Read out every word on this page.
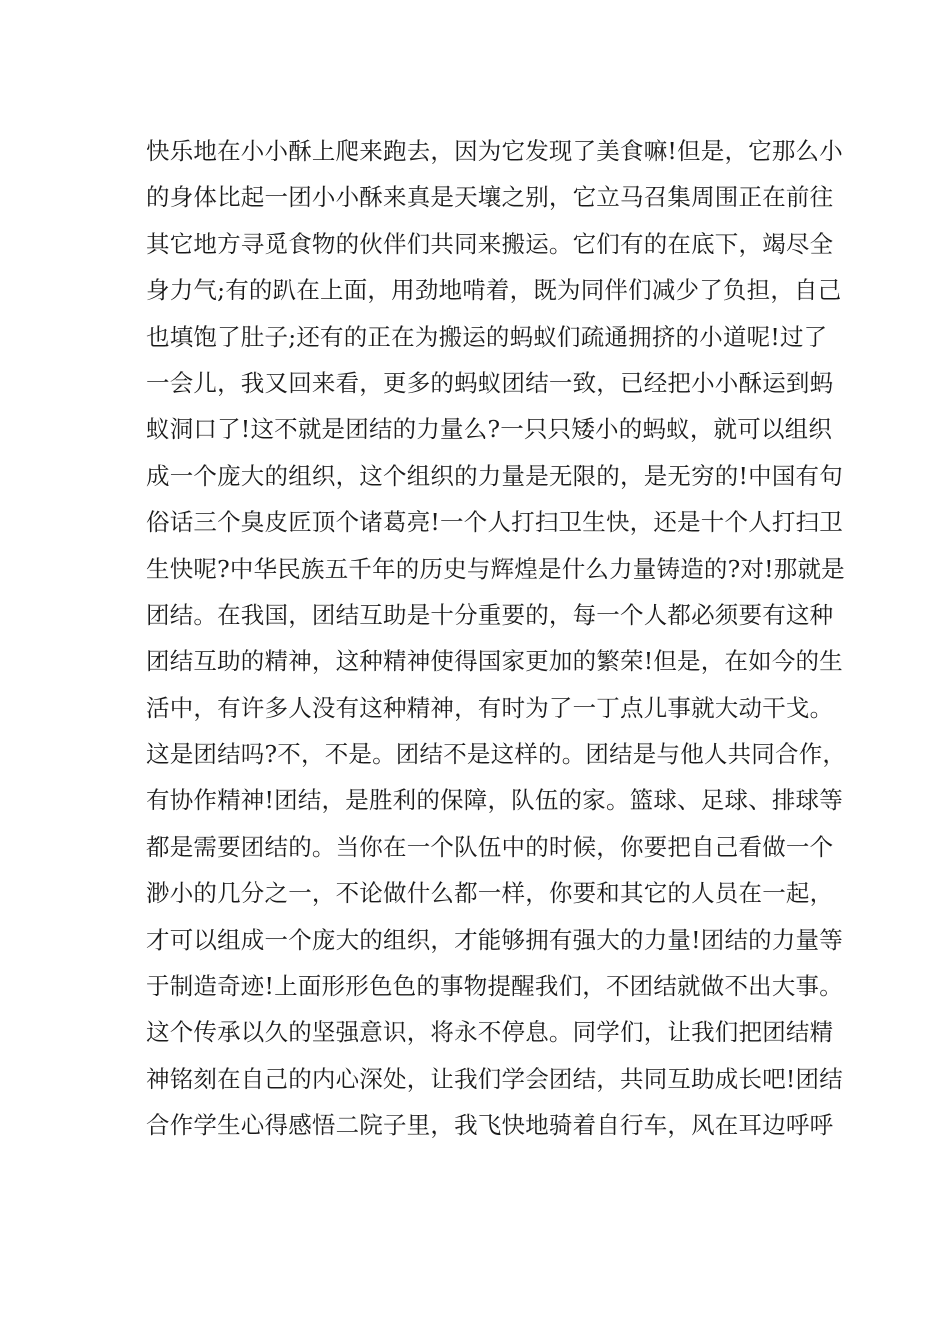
快乐地在小小酥上爬来跑去，因为它发现了美食嘛!但是，它那么小
的身体比起一团小小酥来真是天壤之别，它立马召集周围正在前往
其它地方寻觅食物的伙伴们共同来搬运。它们有的在底下，竭尽全
身力气;有的趴在上面，用劲地啃着，既为同伴们减少了负担，自己
也填饱了肚子;还有的正在为搬运的蚂蚁们疏通拥挤的小道呢!过了
一会儿，我又回来看，更多的蚂蚁团结一致，已经把小小酥运到蚂
蚁洞口了!这不就是团结的力量么?一只只矮小的蚂蚁，就可以组织
成一个庞大的组织，这个组织的力量是无限的，是无穷的!中国有句
俗话三个臭皮匠顶个诸葛亮!一个人打扫卫生快，还是十个人打扫卫
生快呢?中华民族五千年的历史与辉煌是什么力量铸造的?对!那就是
团结。在我国，团结互助是十分重要的，每一个人都必须要有这种
团结互助的精神，这种精神使得国家更加的繁荣!但是，在如今的生
活中，有许多人没有这种精神，有时为了一丁点儿事就大动干戈。
这是团结吗?不，不是。团结不是这样的。团结是与他人共同合作，
有协作精神!团结，是胜利的保障，队伍的家。篮球、足球、排球等
都是需要团结的。当你在一个队伍中的时候，你要把自己看做一个
渺小的几分之一，不论做什么都一样，你要和其它的人员在一起，
才可以组成一个庞大的组织，才能够拥有强大的力量!团结的力量等
于制造奇迹!上面形形色色的事物提醒我们，不团结就做不出大事。
这个传承以久的坚强意识，将永不停息。同学们，让我们把团结精
神铭刻在自己的内心深处，让我们学会团结，共同互助成长吧!团结
合作学生心得感悟二院子里，我飞快地骑着自行车，风在耳边呼呼
